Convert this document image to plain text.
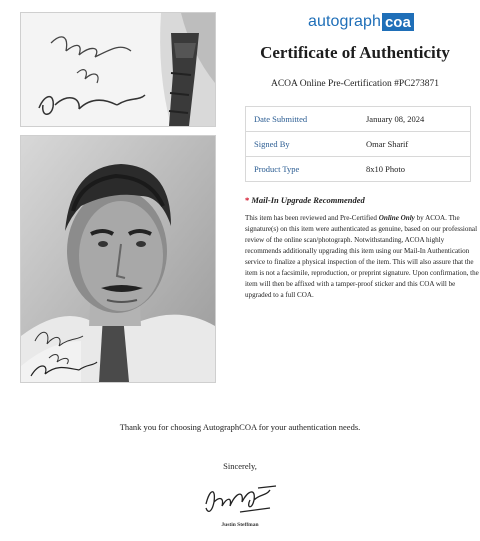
autograph coa
Certificate of Authenticity
ACOA Online Pre-Certification #PC273871
Date Submitted	January 08, 2024
Signed By	Omar Sharif
Product Type	8x10 Photo
* Mail-In Upgrade Recommended
This item has been reviewed and Pre-Certified Online Only by ACOA. The signature(s) on this item were authenticated as genuine, based on our professional review of the online scan/photograph. Notwithstanding, ACOA highly recommends additionally upgrading this item using our Mail-In Authentication service to finalize a physical inspection of the item. This will also assure that the item is not a facsimile, reproduction, or preprint signature. Upon confirmation, the item will then be affixed with a tamper-proof sticker and this COA will be upgraded to a full COA.
Thank you for choosing AutographCOA for your authentication needs.
Sincerely,
Justin Steffman
